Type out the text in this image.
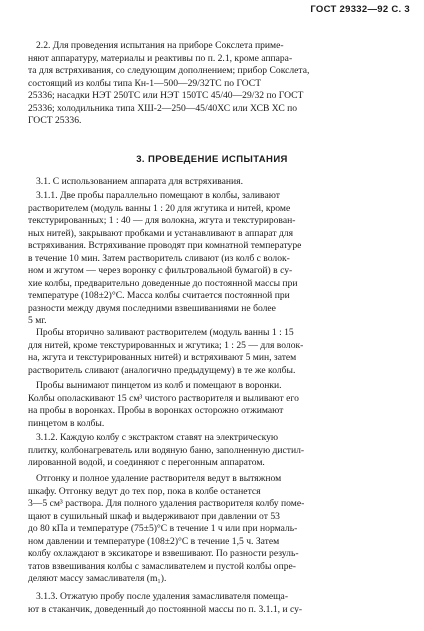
ГОСТ 29332—92 С. 3
2.2. Для проведения испытания на приборе Сокслета приме-
няют аппаратуру, материалы и реактивы по п. 2.1, кроме аппара-
та для встряхивания, со следующим дополнением; прибор Сокслета,
состоящий из колбы типа Кн-1—500—29/32ТС по ГОСТ
25336; насадки НЭТ 250ТС или НЭТ 150ТС 45/40—29/32 по ГОСТ
25336; холодильника типа ХШ-2—250—45/40ХС или ХСВ ХС по
ГОСТ 25336.
3. ПРОВЕДЕНИЕ ИСПЫТАНИЯ
3.1. С использованием аппарата для встряхивания.
3.1.1. Две пробы параллельно помещают в колбы, заливают
растворителем (модуль ванны 1 : 20 для жгутика и нитей, кроме
текстурированных; 1 : 40 — для волокна, жгута и текстурирован-
ных нитей), закрывают пробками и устанавливают в аппарат для
встряхивания. Встряхивание проводят при комнатной температуре
в течение 10 мин. Затем растворитель сливают (из колб с волок-
ном и жгутом — через воронку с фильтровальной бумагой) в су-
хие колбы, предварительно доведенные до постоянной массы при
температуре (108±2)°С. Масса колбы считается постоянной при
разности между двумя последними взвешиваниями не более
5 мг.
Пробы вторично заливают растворителем (модуль ванны 1 : 15
для нитей, кроме текстурированных и жгутика; 1 : 25 — для волок-
на, жгута и текстурированных нитей) и встряхивают 5 мин, затем
растворитель сливают (аналогично предыдущему) в те же колбы.
Пробы вынимают пинцетом из колб и помещают в воронки.
Колбы ополаскивают 15 см³ чистого растворителя и выливают его
на пробы в воронках. Пробы в воронках осторожно отжимают
пинцетом в колбы.
3.1.2. Каждую колбу с экстрактом ставят на электрическую
плитку, колбонагреватель или водяную баню, заполненную дистил-
лированной водой, и соединяют с перегонным аппаратом.
Отгонку и полное удаление растворителя ведут в вытяжном
шкафу. Отгонку ведут до тех пор, пока в колбе останется
3—5 см³ раствора. Для полного удаления растворителя колбу поме-
щают в сушильный шкаф и выдерживают при давлении от 53
до 80 кПа и температуре (75±5)°С в течение 1 ч или при нормаль-
ном давлении и температуре (108±2)°С в течение 1,5 ч. Затем
колбу охлаждают в эксикаторе и взвешивают. По разности резуль-
татов взвешивания колбы с замасливателем и пустой колбы опре-
деляют массу замасливателя (m₁).
3.1.3. Отжатую пробу после удаления замасливателя помеща-
ют в стаканчик, доведенный до постоянной массы по п. 3.1.1, и су-
